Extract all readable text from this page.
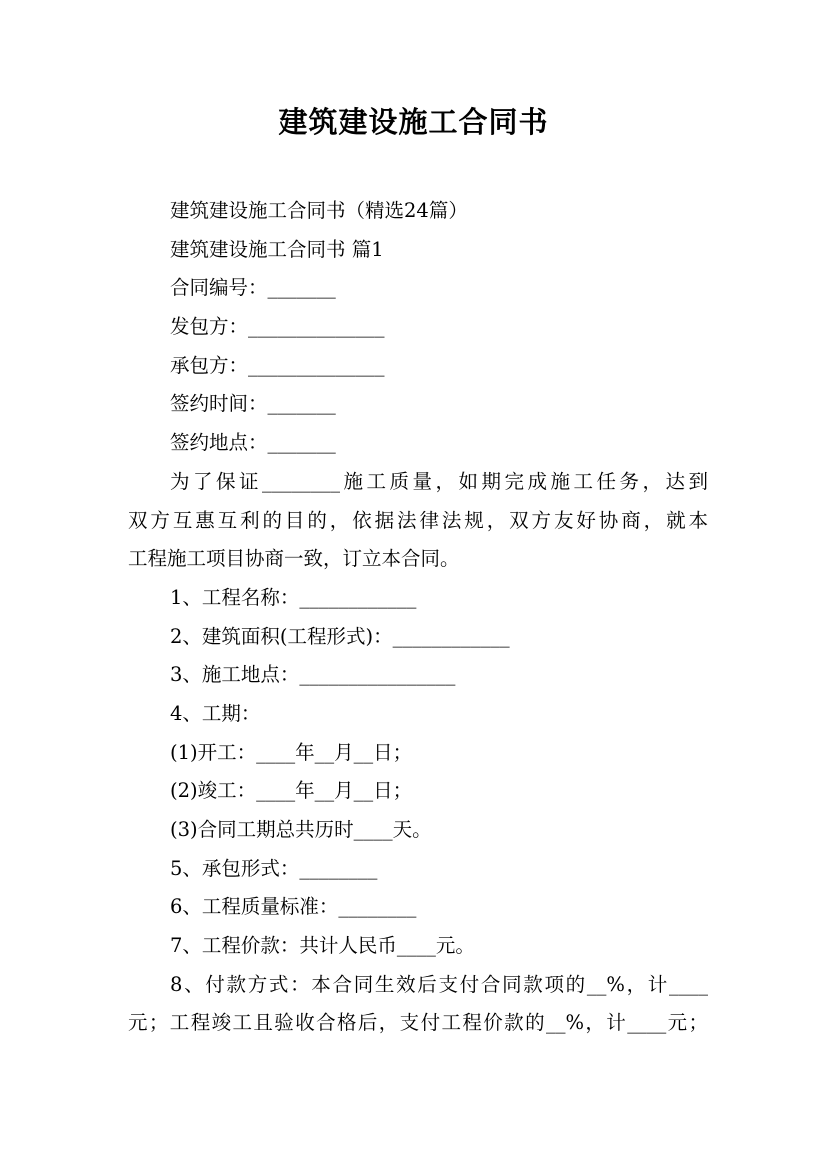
建筑建设施工合同书
建筑建设施工合同书（精选24篇）
建筑建设施工合同书 篇1
合同编号：_______
发包方：______________
承包方：______________
签约时间：_______
签约地点：_______
为了保证________施工质量，如期完成施工任务，达到
双方互惠互利的目的，依据法律法规，双方友好协商，就本
工程施工项目协商一致，订立本合同。
1、工程名称：____________
2、建筑面积(工程形式)：____________
3、施工地点：________________
4、工期：
(1)开工：____年__月__日；
(2)竣工：____年__月__日；
(3)合同工期总共历时____天。
5、承包形式：________
6、工程质量标准：________
7、工程价款：共计人民币____元。
8、付款方式：本合同生效后支付合同款项的__%，计____
元；工程竣工且验收合格后，支付工程价款的__%，计____元；
